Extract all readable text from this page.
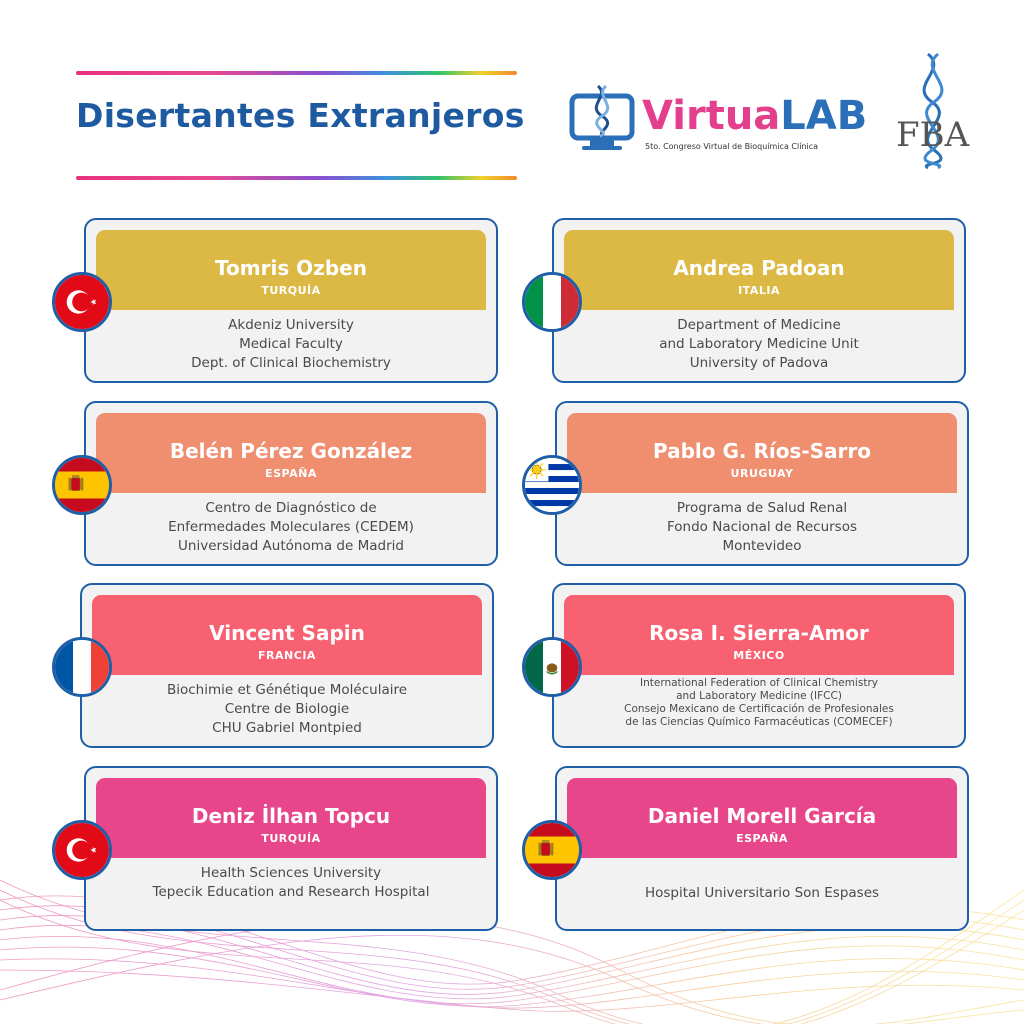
Disertantes Extranjeros	VirtuaLAB
5to. Congreso Virtual de Bioquímica Clínica	FBA
Tomris Ozben
TURQUÍA
Akdeniz University
Medical Faculty
Dept. of Clinical Biochemistry
Andrea Padoan
ITALIA
Department of Medicine
and Laboratory Medicine Unit
University of Padova
Belén Pérez González
ESPAÑA
Centro de Diagnóstico de
Enfermedades Moleculares (CEDEM)
Universidad Autónoma de Madrid
Pablo G. Ríos-Sarro
URUGUAY
Programa de Salud Renal
Fondo Nacional de Recursos
Montevideo
Vincent Sapin
FRANCIA
Biochimie et Génétique Moléculaire
Centre de Biologie
CHU Gabriel Montpied
Rosa I. Sierra-Amor
MÉXICO
International Federation of Clinical Chemistry
and Laboratory Medicine (IFCC)
Consejo Mexicano de Certificación de Profesionales
de las Ciencias Químico Farmacéuticas (COMECEF)
Deniz İlhan Topcu
TURQUÍA
Health Sciences University
Tepecik Education and Research Hospital
Daniel Morell García
ESPAÑA
Hospital Universitario Son Espases
